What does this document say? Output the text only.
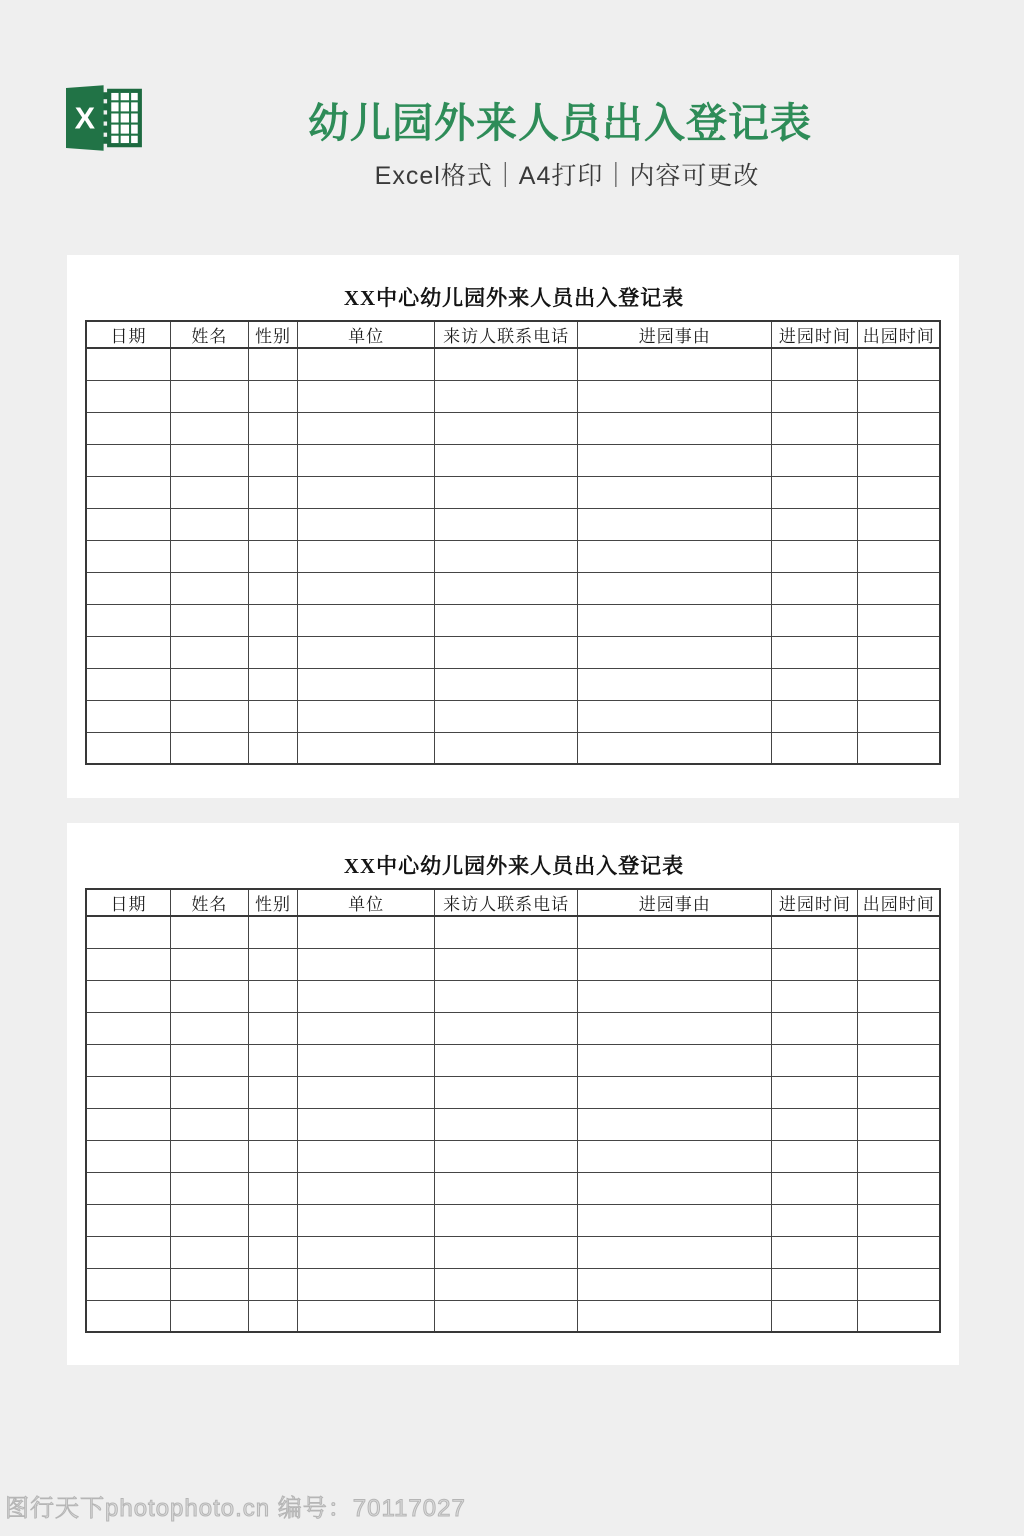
X	幼儿园外来人员出入登记表
Excel格式｜A4打印｜内容可更改
XX中心幼儿园外来人员出入登记表
日期	姓名	性别	单位	来访人联系电话	进园事由	进园时间	出园时间

XX中心幼儿园外来人员出入登记表
日期	姓名	性别	单位	来访人联系电话	进园事由	进园时间	出园时间

图行天下photophoto.cn 编号：70117027
